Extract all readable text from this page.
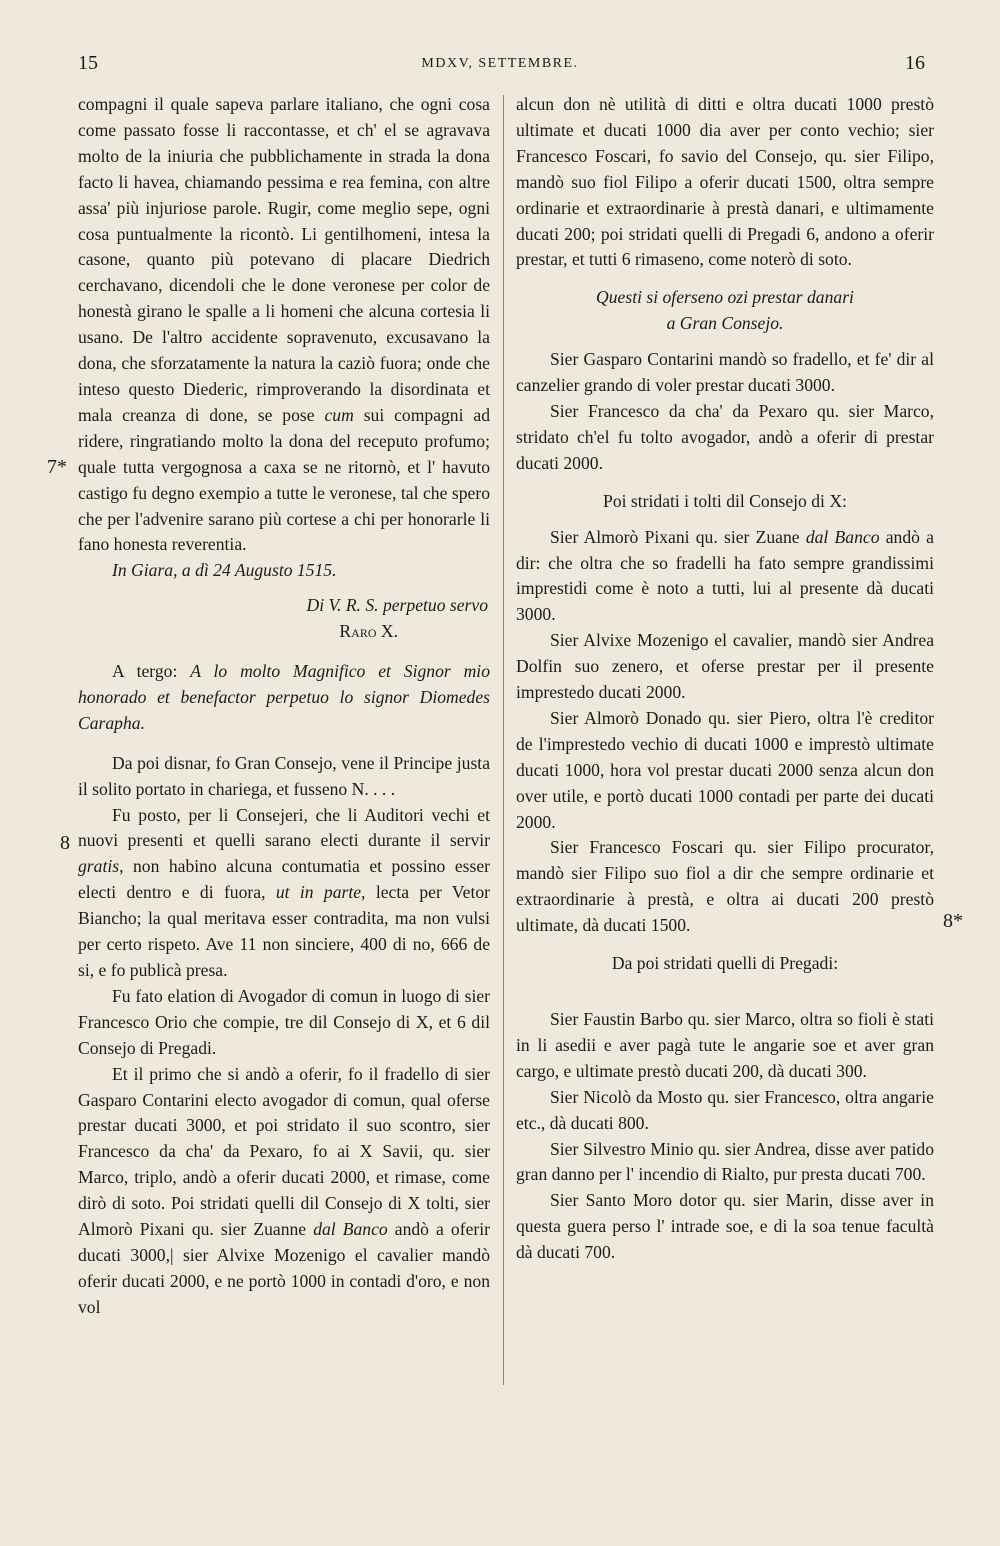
15	MDXV, SETTEMBRE.	16
7*
8
8*

compagni il quale sapeva parlare italiano, che ogni cosa come passato fosse li raccontasse, et ch' el se agravava molto de la iniuria che pubblichamente in strada la dona facto li havea, chiamando pessima e rea femina, con altre assa' più injuriose parole. Rugir, come meglio sepe, ogni cosa puntualmente la ricontò. Li gentilhomeni, intesa la casone, quanto più potevano di placare Diedrich cerchavano, dicendoli che le done veronese per color de honestà girano le spalle a li homeni che alcuna cortesia li usano. De l'altro accidente sopravenuto, excusavano la dona, che sforzatamente la natura la caziò fuora; onde che inteso questo Diederic, rimproverando la disordinata et mala creanza di done, se pose cum sui compagni ad ridere, ringratiando molto la dona del receputo profumo; quale tutta vergognosa a caxa se ne ritornò, et l' havuto castigo fu degno exempio a tutte le veronese, tal che spero che per l'advenire sarano più cortese a chi per honorarle li fano honesta reverentia.

In Giara, a dì 24 Augusto 1515.

Di V. R. S. perpetuo servo

Raro X.

A tergo: A lo molto Magnifico et Signor mio honorado et benefactor perpetuo lo signor Diomedes Carapha.

Da poi disnar, fo Gran Consejo, vene il Principe justa il solito portato in chariega, et fusseno N. . . .

Fu posto, per li Consejeri, che li Auditori vechi et nuovi presenti et quelli sarano electi durante il servir gratis, non habino alcuna contumatia et possino esser electi dentro e di fuora, ut in parte, lecta per Vetor Biancho; la qual meritava esser contradita, ma non vulsi per certo rispeto. Ave 11 non sinciere, 400 di no, 666 de si, e fo publicà presa.

Fu fato elation di Avogador di comun in luogo di sier Francesco Orio che compie, tre dil Consejo di X, et 6 dil Consejo di Pregadi.

Et il primo che si andò a oferir, fo il fradello di sier Gasparo Contarini electo avogador di comun, qual oferse prestar ducati 3000, et poi stridato il suo scontro, sier Francesco da cha' da Pexaro, fo ai X Savii, qu. sier Marco, triplo, andò a oferir ducati 2000, et rimase, come dirò di soto. Poi stridati quelli dil Consejo di X tolti, sier Almorò Pixani qu. sier Zuanne dal Banco andò a oferir ducati 3000,| sier Alvixe Mozenigo el cavalier mandò oferir ducati 2000, e ne portò 1000 in contadi d'oro, e non vol

alcun don nè utilità di ditti e oltra ducati 1000 prestò ultimate et ducati 1000 dia aver per conto vechio; sier Francesco Foscari, fo savio del Consejo, qu. sier Filipo, mandò suo fiol Filipo a oferir ducati 1500, oltra sempre ordinarie et extraordinarie à prestà danari, e ultimamente ducati 200; poi stridati quelli di Pregadi 6, andono a oferir prestar, et tutti 6 rimaseno, come noterò di soto.

Questi si oferseno ozi prestar danari

a Gran Consejo.

Sier Gasparo Contarini mandò so fradello, et fe' dir al canzelier grando di voler prestar ducati 3000.

Sier Francesco da cha' da Pexaro qu. sier Marco, stridato ch'el fu tolto avogador, andò a oferir di prestar ducati 2000.

Poi stridati i tolti dil Consejo di X:

Sier Almorò Pixani qu. sier Zuane dal Banco andò a dir: che oltra che so fradelli ha fato sempre grandissimi imprestidi come è noto a tutti, lui al presente dà ducati 3000.

Sier Alvixe Mozenigo el cavalier, mandò sier Andrea Dolfin suo zenero, et oferse prestar per il presente imprestedo ducati 2000.

Sier Almorò Donado qu. sier Piero, oltra l'è creditor de l'imprestedo vechio di ducati 1000 e imprestò ultimate ducati 1000, hora vol prestar ducati 2000 senza alcun don over utile, e portò ducati 1000 contadi per parte dei ducati 2000.

Sier Francesco Foscari qu. sier Filipo procurator, mandò sier Filipo suo fiol a dir che sempre ordinarie et extraordinarie à prestà, e oltra ai ducati 200 prestò ultimate, dà ducati 1500.

Da poi stridati quelli di Pregadi:

Sier Faustin Barbo qu. sier Marco, oltra so fioli è stati in li asedii e aver pagà tute le angarie soe et aver gran cargo, e ultimate prestò ducati 200, dà ducati 300.

Sier Nicolò da Mosto qu. sier Francesco, oltra angarie etc., dà ducati 800.

Sier Silvestro Minio qu. sier Andrea, disse aver patido gran danno per l' incendio di Rialto, pur presta ducati 700.

Sier Santo Moro dotor qu. sier Marin, disse aver in questa guera perso l' intrade soe, e di la soa tenue facultà dà ducati 700.
